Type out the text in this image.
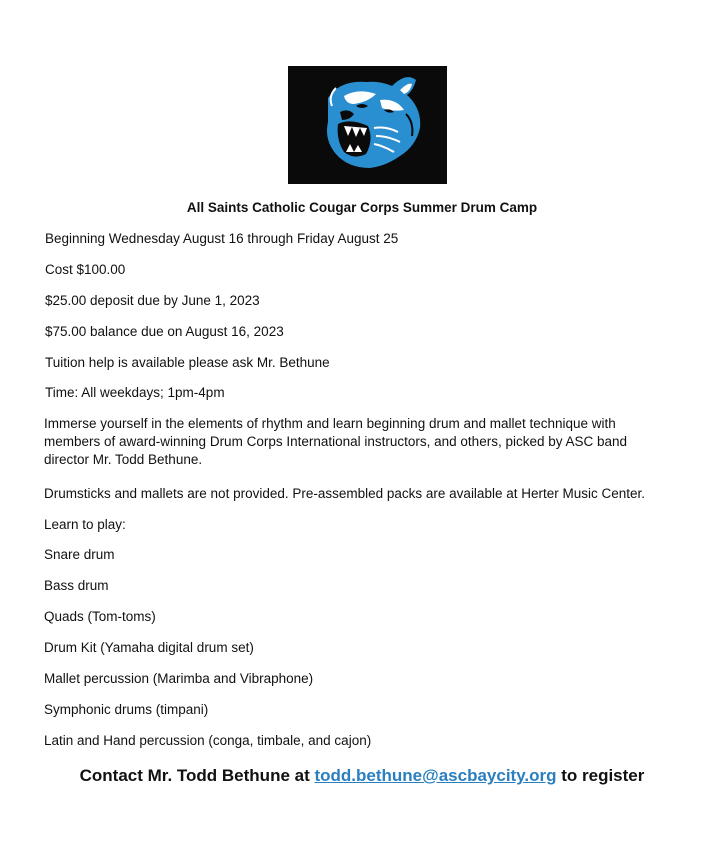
All Saints Catholic Cougar Corps Summer Drum Camp
Beginning Wednesday August 16 through Friday August 25
Cost $100.00
$25.00 deposit due by June 1, 2023
$75.00 balance due on August 16, 2023
Tuition help is available please ask Mr. Bethune
Time: All weekdays; 1pm-4pm
Immerse yourself in the elements of rhythm and learn beginning drum and mallet technique with members of award-winning Drum Corps International instructors, and others, picked by ASC band director Mr. Todd Bethune.
Drumsticks and mallets are not provided. Pre-assembled packs are available at Herter Music Center.
Learn to play:
Snare drum
Bass drum
Quads (Tom-toms)
Drum Kit (Yamaha digital drum set)
Mallet percussion (Marimba and Vibraphone)
Symphonic drums (timpani)
Latin and Hand percussion (conga, timbale, and cajon)
Contact Mr. Todd Bethune at todd.bethune@ascbaycity.org to register
